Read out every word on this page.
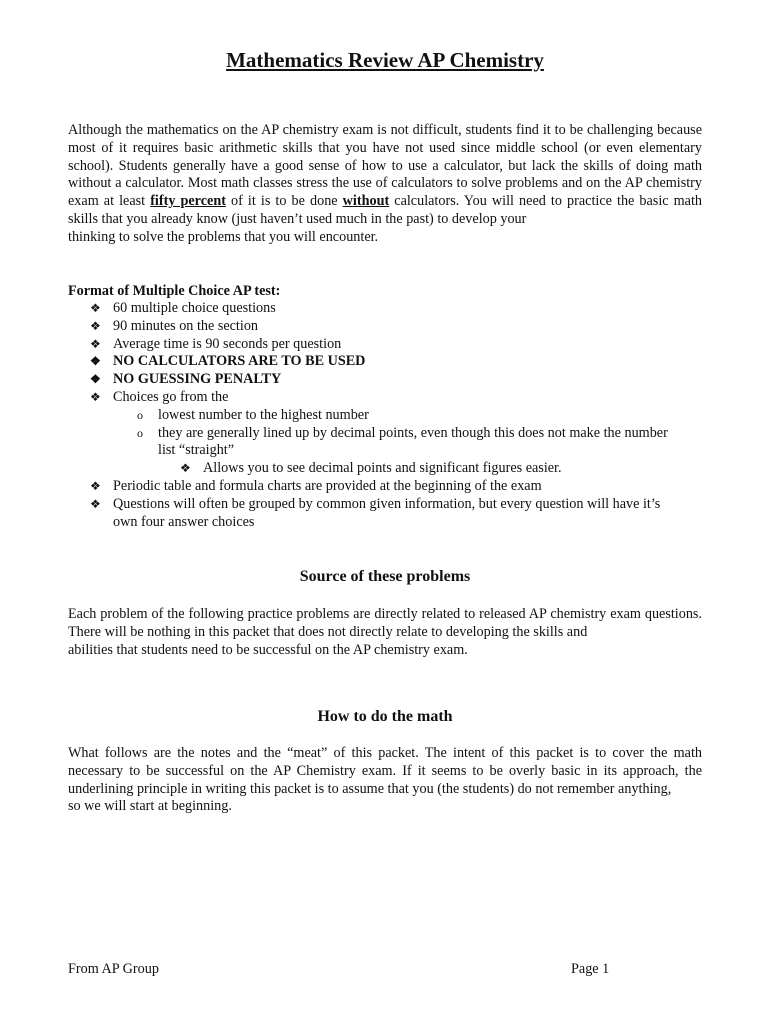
Mathematics Review AP Chemistry

Although the mathematics on the AP chemistry exam is not difficult, students find it to be challenging because most of it requires basic arithmetic skills that you have not used since middle school (or even elementary school). Students generally have a good sense of how to use a calculator, but lack the skills of doing math without a calculator. Most math classes stress the use of calculators to solve problems and on the AP chemistry exam at least fifty percent of it is to be done without calculators. You will need to practice the basic math skills that you already know (just haven’t used much in the past) to develop your
thinking to solve the problems that you will encounter.

Format of Multiple Choice AP test:

❖ 60 multiple choice questions
❖ 90 minutes on the section
❖ Average time is 90 seconds per question
❖ NO CALCULATORS ARE TO BE USED
❖ NO GUESSING PENALTY
❖ Choices go from the
o lowest number to the highest number
o they are generally lined up by decimal points, even though this does not make the number
list “straight”
❖ Allows you to see decimal points and significant figures easier.
❖ Periodic table and formula charts are provided at the beginning of the exam
❖ Questions will often be grouped by common given information, but every question will have it’s
own four answer choices
Source of these problems

Each problem of the following practice problems are directly related to released AP chemistry exam questions. There will be nothing in this packet that does not directly relate to developing the skills and
abilities that students need to be successful on the AP chemistry exam.

How to do the math

What follows are the notes and the “meat” of this packet. The intent of this packet is to cover the math necessary to be successful on the AP Chemistry exam. If it seems to be overly basic in its approach, the underlining principle in writing this packet is to assume that you (the students) do not remember anything,
so we will start at beginning.

From AP Group	Page 1
